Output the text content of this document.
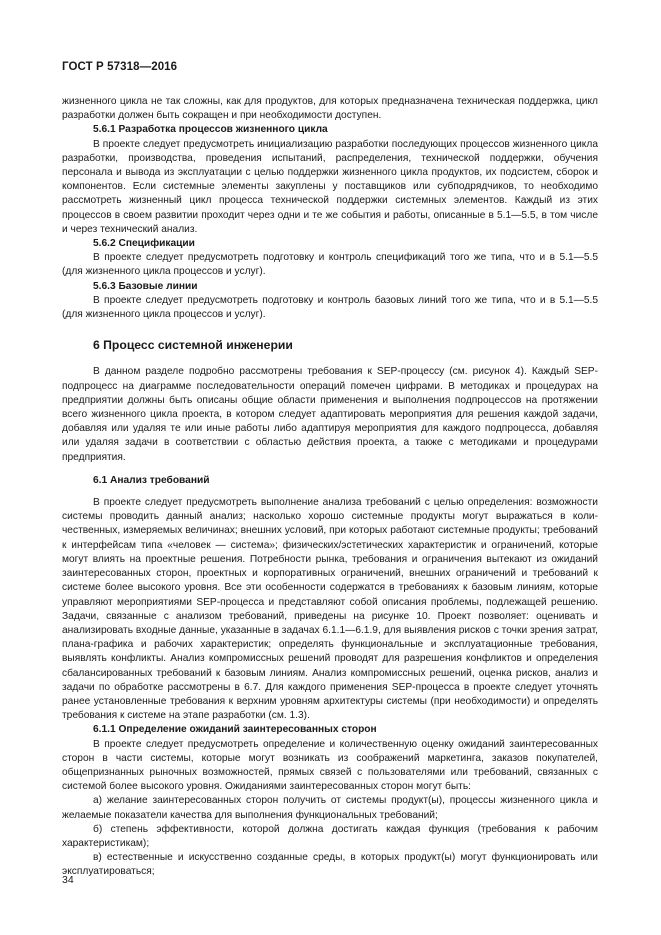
ГОСТ Р 57318—2016

жизненного цикла не так сложны, как для продуктов, для которых предназначена техническая поддержка, цикл разработки должен быть сокращен и при необходимости доступен.

5.6.1 Разработка процессов жизненного цикла

В проекте следует предусмотреть инициализацию разработки последующих процессов жизненного цикла разработки, производства, проведения испытаний, распределения, технической поддержки, обучения персонала и вывода из эксплуатации с целью поддержки жизненного цикла продуктов, их подсистем, сборок и компонентов. Если системные элементы закуплены у поставщиков или субподрядчиков, то необходимо рассмотреть жизненный цикл процесса технической поддержки системных элементов. Каждый из этих процессов в своем развитии проходит через одни и те же события и работы, описанные в 5.1—5.5, в том числе и через технический анализ.

5.6.2 Спецификации

В проекте следует предусмотреть подготовку и контроль спецификаций того же типа, что и в 5.1—5.5 (для жизненного цикла процессов и услуг).

5.6.3 Базовые линии

В проекте следует предусмотреть подготовку и контроль базовых линий того же типа, что и в 5.1—5.5 (для жизненного цикла процессов и услуг).

6 Процесс системной инженерии

В данном разделе подробно рассмотрены требования к SEP-процессу (см. рисунок 4). Каждый SEP-подпроцесс на диаграмме последовательности операций помечен цифрами. В методиках и процедурах на предприятии должны быть описаны общие области применения и выполнения подпроцессов на протяжении всего жизненного цикла проекта, в котором следует адаптировать мероприятия для решения каждой задачи, добавляя или удаляя те или иные работы либо адаптируя мероприятия для каждого подпроцесса, добавляя или удаляя задачи в соответствии с областью действия проекта, а также с методиками и процедурами предприятия.

6.1 Анализ требований

В проекте следует предусмотреть выполнение анализа требований с целью определения: возможности системы проводить данный анализ; насколько хорошо системные продукты могут выражаться в количественных, измеряемых величинах; внешних условий, при которых работают системные продукты; требований к интерфейсам типа «человек — система»; физических/эстетических характеристик и ограничений, которые могут влиять на проектные решения. Потребности рынка, требования и ограничения вытекают из ожиданий заинтересованных сторон, проектных и корпоративных ограничений, внешних ограничений и требований к системе более высокого уровня. Все эти особенности содержатся в требованиях к базовым линиям, которые управляют мероприятиями SEP-процесса и представляют собой описания проблемы, подлежащей решению. Задачи, связанные с анализом требований, приведены на рисунке 10. Проект позволяет: оценивать и анализировать входные данные, указанные в задачах 6.1.1—6.1.9, для выявления рисков с точки зрения затрат, плана-графика и рабочих характеристик; определять функциональные и эксплуатационные требования, выявлять конфликты. Анализ компромиссных решений проводят для разрешения конфликтов и определения сбалансированных требований к базовым линиям. Анализ компромиссных решений, оценка рисков, анализ и задачи по обработке рассмотрены в 6.7. Для каждого применения SEP-процесса в проекте следует уточнять ранее установленные требования к верхним уровням архитектуры системы (при необходимости) и определять требования к системе на этапе разработки (см. 1.3).

6.1.1 Определение ожиданий заинтересованных сторон

В проекте следует предусмотреть определение и количественную оценку ожиданий заинтересованных сторон в части системы, которые могут возникать из соображений маркетинга, заказов покупателей, общепризнанных рыночных возможностей, прямых связей с пользователями или требований, связанных с системой более высокого уровня. Ожиданиями заинтересованных сторон могут быть:

а) желание заинтересованных сторон получить от системы продукт(ы), процессы жизненного цикла и желаемые показатели качества для выполнения функциональных требований;

б) степень эффективности, которой должна достигать каждая функция (требования к рабочим характеристикам);

в) естественные и искусственно созданные среды, в которых продукт(ы) могут функционировать или эксплуатироваться;

34
